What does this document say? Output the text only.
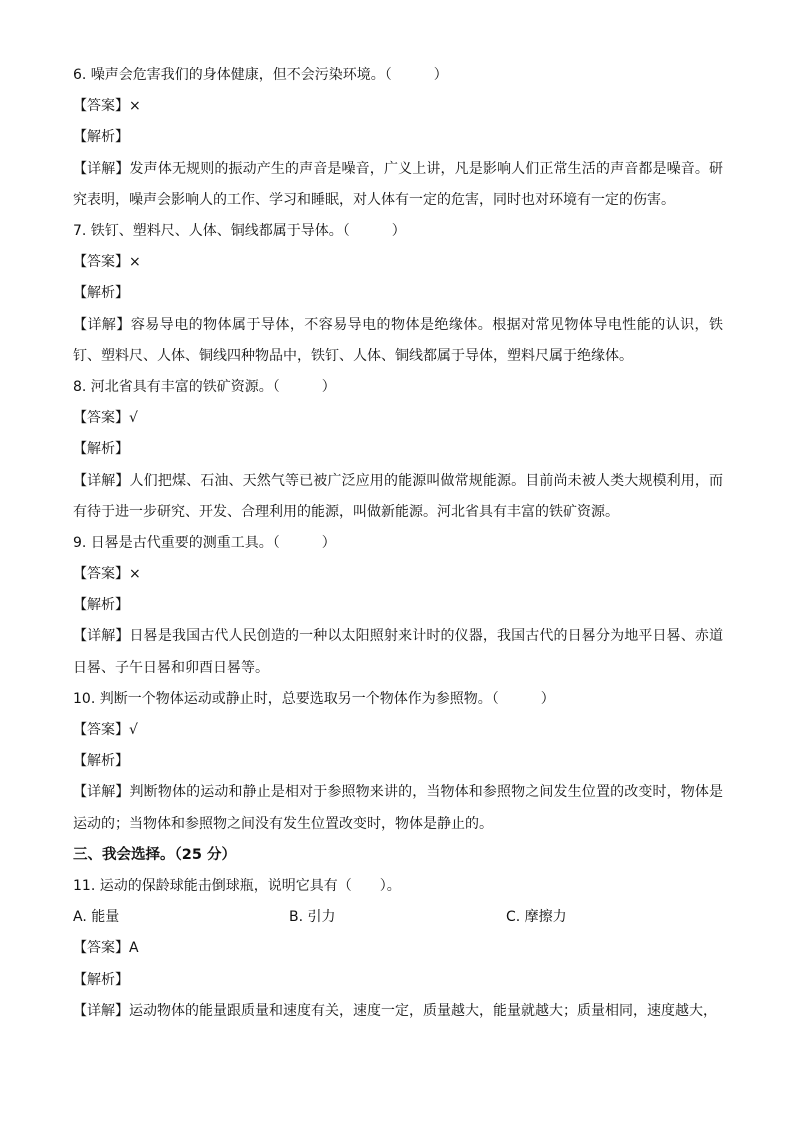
6. 噪声会危害我们的身体健康，但不会污染环境。（　　　）
【答案】×
【解析】
【详解】发声体无规则的振动产生的声音是噪音，广义上讲，凡是影响人们正常生活的声音都是噪音。研究表明，噪声会影响人的工作、学习和睡眠，对人体有一定的危害，同时也对环境有一定的伤害。
7. 铁钉、塑料尺、人体、铜线都属于导体。（　　　）
【答案】×
【解析】
【详解】容易导电的物体属于导体，不容易导电的物体是绝缘体。根据对常见物体导电性能的认识，铁钉、塑料尺、人体、铜线四种物品中，铁钉、人体、铜线都属于导体，塑料尺属于绝缘体。
8. 河北省具有丰富的铁矿资源。（　　　）
【答案】√
【解析】
【详解】人们把煤、石油、天然气等已被广泛应用的能源叫做常规能源。目前尚未被人类大规模利用，而有待于进一步研究、开发、合理利用的能源，叫做新能源。河北省具有丰富的铁矿资源。
9. 日晷是古代重要的测重工具。（　　　）
【答案】×
【解析】
【详解】日晷是我国古代人民创造的一种以太阳照射来计时的仪器，我国古代的日晷分为地平日晷、赤道日晷、子午日晷和卯酉日晷等。
10. 判断一个物体运动或静止时，总要选取另一个物体作为参照物。（　　　）
【答案】√
【解析】
【详解】判断物体的运动和静止是相对于参照物来讲的，当物体和参照物之间发生位置的改变时，物体是运动的；当物体和参照物之间没有发生位置改变时，物体是静止的。
三、我会选择。（25 分）
11. 运动的保龄球能击倒球瓶，说明它具有（　　）。
A. 能量	B. 引力	C. 摩擦力
【答案】A
【解析】
【详解】运动物体的能量跟质量和速度有关，速度一定，质量越大，能量就越大；质量相同，速度越大，
